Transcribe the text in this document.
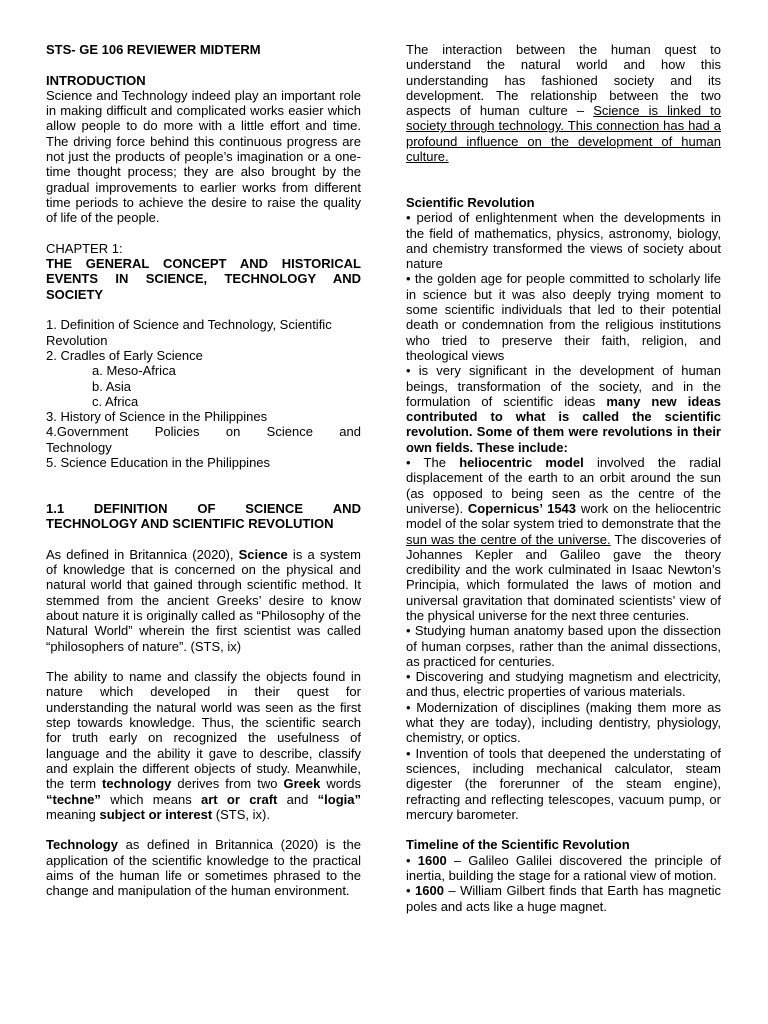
STS- GE 106 REVIEWER MIDTERM

INTRODUCTION

Science and Technology indeed play an important role in making difficult and complicated works easier which allow people to do more with a little effort and time. The driving force behind this continuous progress are not just the products of people’s imagination or a one-time thought process; they are also brought by the gradual improvements to earlier works from different time periods to achieve the desire to raise the quality of life of the people.

CHAPTER 1:

THE GENERAL CONCEPT AND HISTORICAL EVENTS IN SCIENCE, TECHNOLOGY AND SOCIETY

1. Definition of Science and Technology, Scientific Revolution

2. Cradles of Early Science

a. Meso-Africa

b. Asia

c. Africa

3. History of Science in the Philippines

4.Government Policies on Science and

Technology

5. Science Education in the Philippines

1.1 DEFINITION OF SCIENCE AND

TECHNOLOGY AND SCIENTIFIC REVOLUTION

As defined in Britannica (2020), Science is a system of knowledge that is concerned on the physical and natural world that gained through scientific method. It stemmed from the ancient Greeks’ desire to know about nature it is originally called as “Philosophy of the Natural World” wherein the first scientist was called “philosophers of nature”. (STS, ix)

The ability to name and classify the objects found in nature which developed in their quest for understanding the natural world was seen as the first step towards knowledge. Thus, the scientific search for truth early on recognized the usefulness of language and the ability it gave to describe, classify and explain the different objects of study. Meanwhile, the term technology derives from two Greek words “techne” which means art or craft and “logia” meaning subject or interest (STS, ix).

Technology as defined in Britannica (2020) is the application of the scientific knowledge to the practical aims of the human life or sometimes phrased to the change and manipulation of the human environment.

The interaction between the human quest to understand the natural world and how this understanding has fashioned society and its development. The relationship between the two aspects of human culture – Science is linked to society through technology. This connection has had a profound influence on the development of human culture.

Scientific Revolution

• period of enlightenment when the developments in the field of mathematics, physics, astronomy, biology, and chemistry transformed the views of society about nature

• the golden age for people committed to scholarly life in science but it was also deeply trying moment to some scientific individuals that led to their potential death or condemnation from the religious institutions who tried to preserve their faith, religion, and theological views

• is very significant in the development of human beings, transformation of the society, and in the formulation of scientific ideas many new ideas contributed to what is called the scientific revolution. Some of them were revolutions in their own fields. These include:

• The heliocentric model involved the radial displacement of the earth to an orbit around the sun (as opposed to being seen as the centre of the universe). Copernicus’ 1543 work on the heliocentric model of the solar system tried to demonstrate that the sun was the centre of the universe. The discoveries of Johannes Kepler and Galileo gave the theory credibility and the work culminated in Isaac Newton’s Principia, which formulated the laws of motion and universal gravitation that dominated scientists’ view of the physical universe for the next three centuries.

• Studying human anatomy based upon the dissection of human corpses, rather than the animal dissections, as practiced for centuries.

• Discovering and studying magnetism and electricity, and thus, electric properties of various materials.

• Modernization of disciplines (making them more as what they are today), including dentistry, physiology, chemistry, or optics.

• Invention of tools that deepened the understating of sciences, including mechanical calculator, steam digester (the forerunner of the steam engine), refracting and reflecting telescopes, vacuum pump, or mercury barometer.

Timeline of the Scientific Revolution

• 1600 – Galileo Galilei discovered the principle of inertia, building the stage for a rational view of motion.

• 1600 – William Gilbert finds that Earth has magnetic poles and acts like a huge magnet.
